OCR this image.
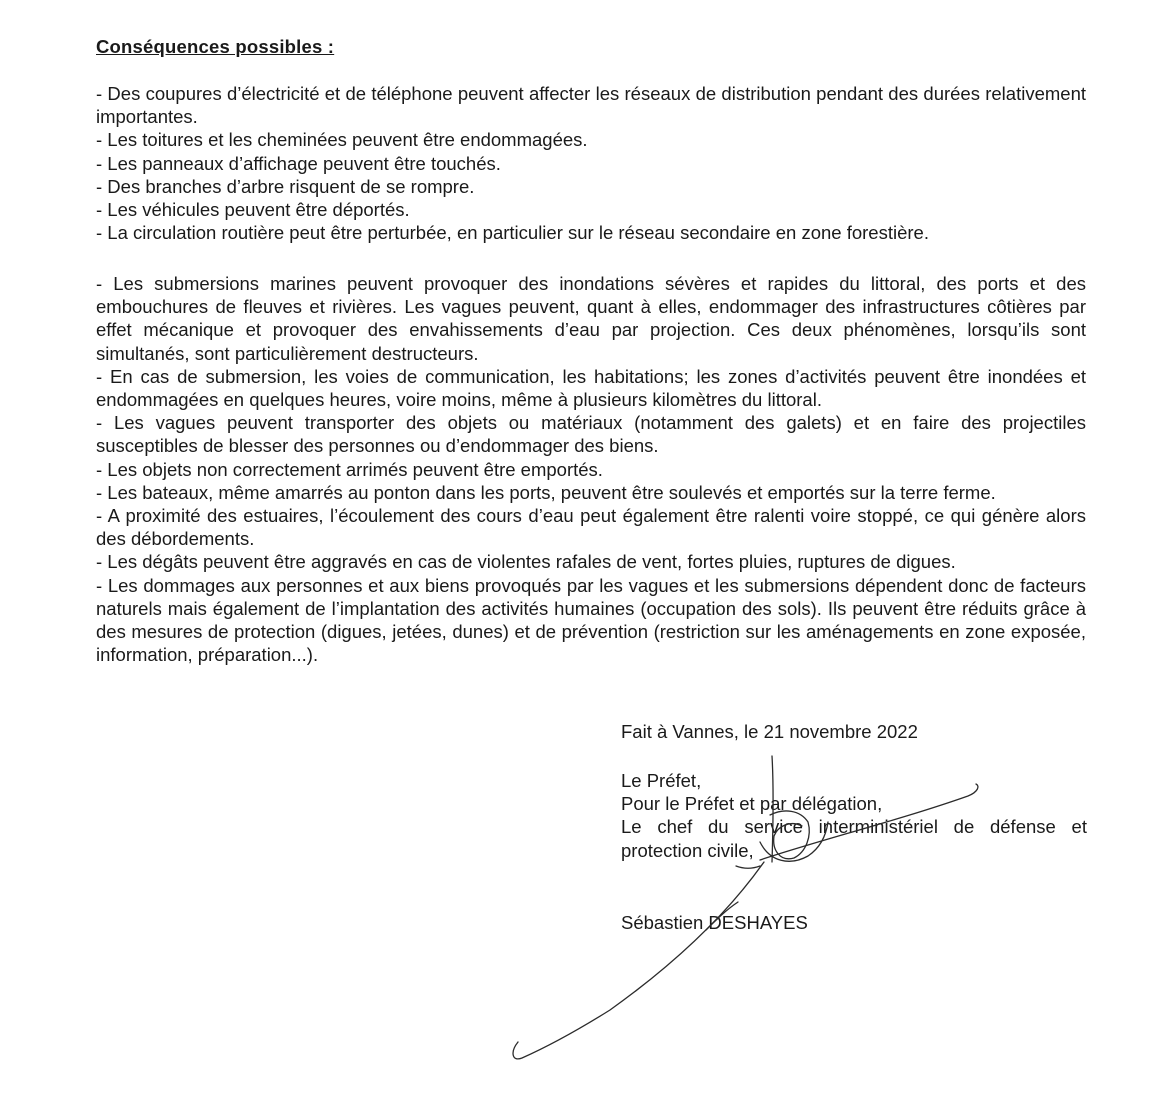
Conséquences possibles :

- Des coupures d’électricité et de téléphone peuvent affecter les réseaux de distribution pendant des durées relativement importantes.

- Les toitures et les cheminées peuvent être endommagées.

- Les panneaux d’affichage peuvent être touchés.

- Des branches d’arbre risquent de se rompre.

- Les véhicules peuvent être déportés.

- La circulation routière peut être perturbée, en particulier sur le réseau secondaire en zone forestière.

- Les submersions marines peuvent provoquer des inondations sévères et rapides du littoral, des ports et des embouchures de fleuves et rivières. Les vagues peuvent, quant à elles, endommager des infrastructures côtières par effet mécanique et provoquer des envahissements d’eau par projection. Ces deux phénomènes, lorsqu’ils sont simultanés, sont particulièrement destructeurs.

- En cas de submersion, les voies de communication, les habitations; les zones d’activités peuvent être inondées et endommagées en quelques heures, voire moins, même à plusieurs kilomètres du littoral.

- Les vagues peuvent transporter des objets ou matériaux (notamment des galets) et en faire des projectiles susceptibles de blesser des personnes ou d’endommager des biens.

- Les objets non correctement arrimés peuvent être emportés.

- Les bateaux, même amarrés au ponton dans les ports, peuvent être soulevés et emportés sur la terre ferme.

- A proximité des estuaires, l’écoulement des cours d’eau peut également être ralenti voire stoppé, ce qui génère alors des débordements.

- Les dégâts peuvent être aggravés en cas de violentes rafales de vent, fortes pluies, ruptures de digues.

- Les dommages aux personnes et aux biens provoqués par les vagues et les submersions dépendent donc de facteurs naturels mais également de l’implantation des activités humaines (occupation des sols). Ils peuvent être réduits grâce à des mesures de protection (digues, jetées, dunes) et de prévention (restriction sur les aménagements en zone exposée, information, préparation...).

Fait à Vannes, le 21 novembre 2022

Le Préfet,

Pour le Préfet et par délégation,

Le chef du service interministériel de défense et protection civile,

Sébastien DESHAYES
